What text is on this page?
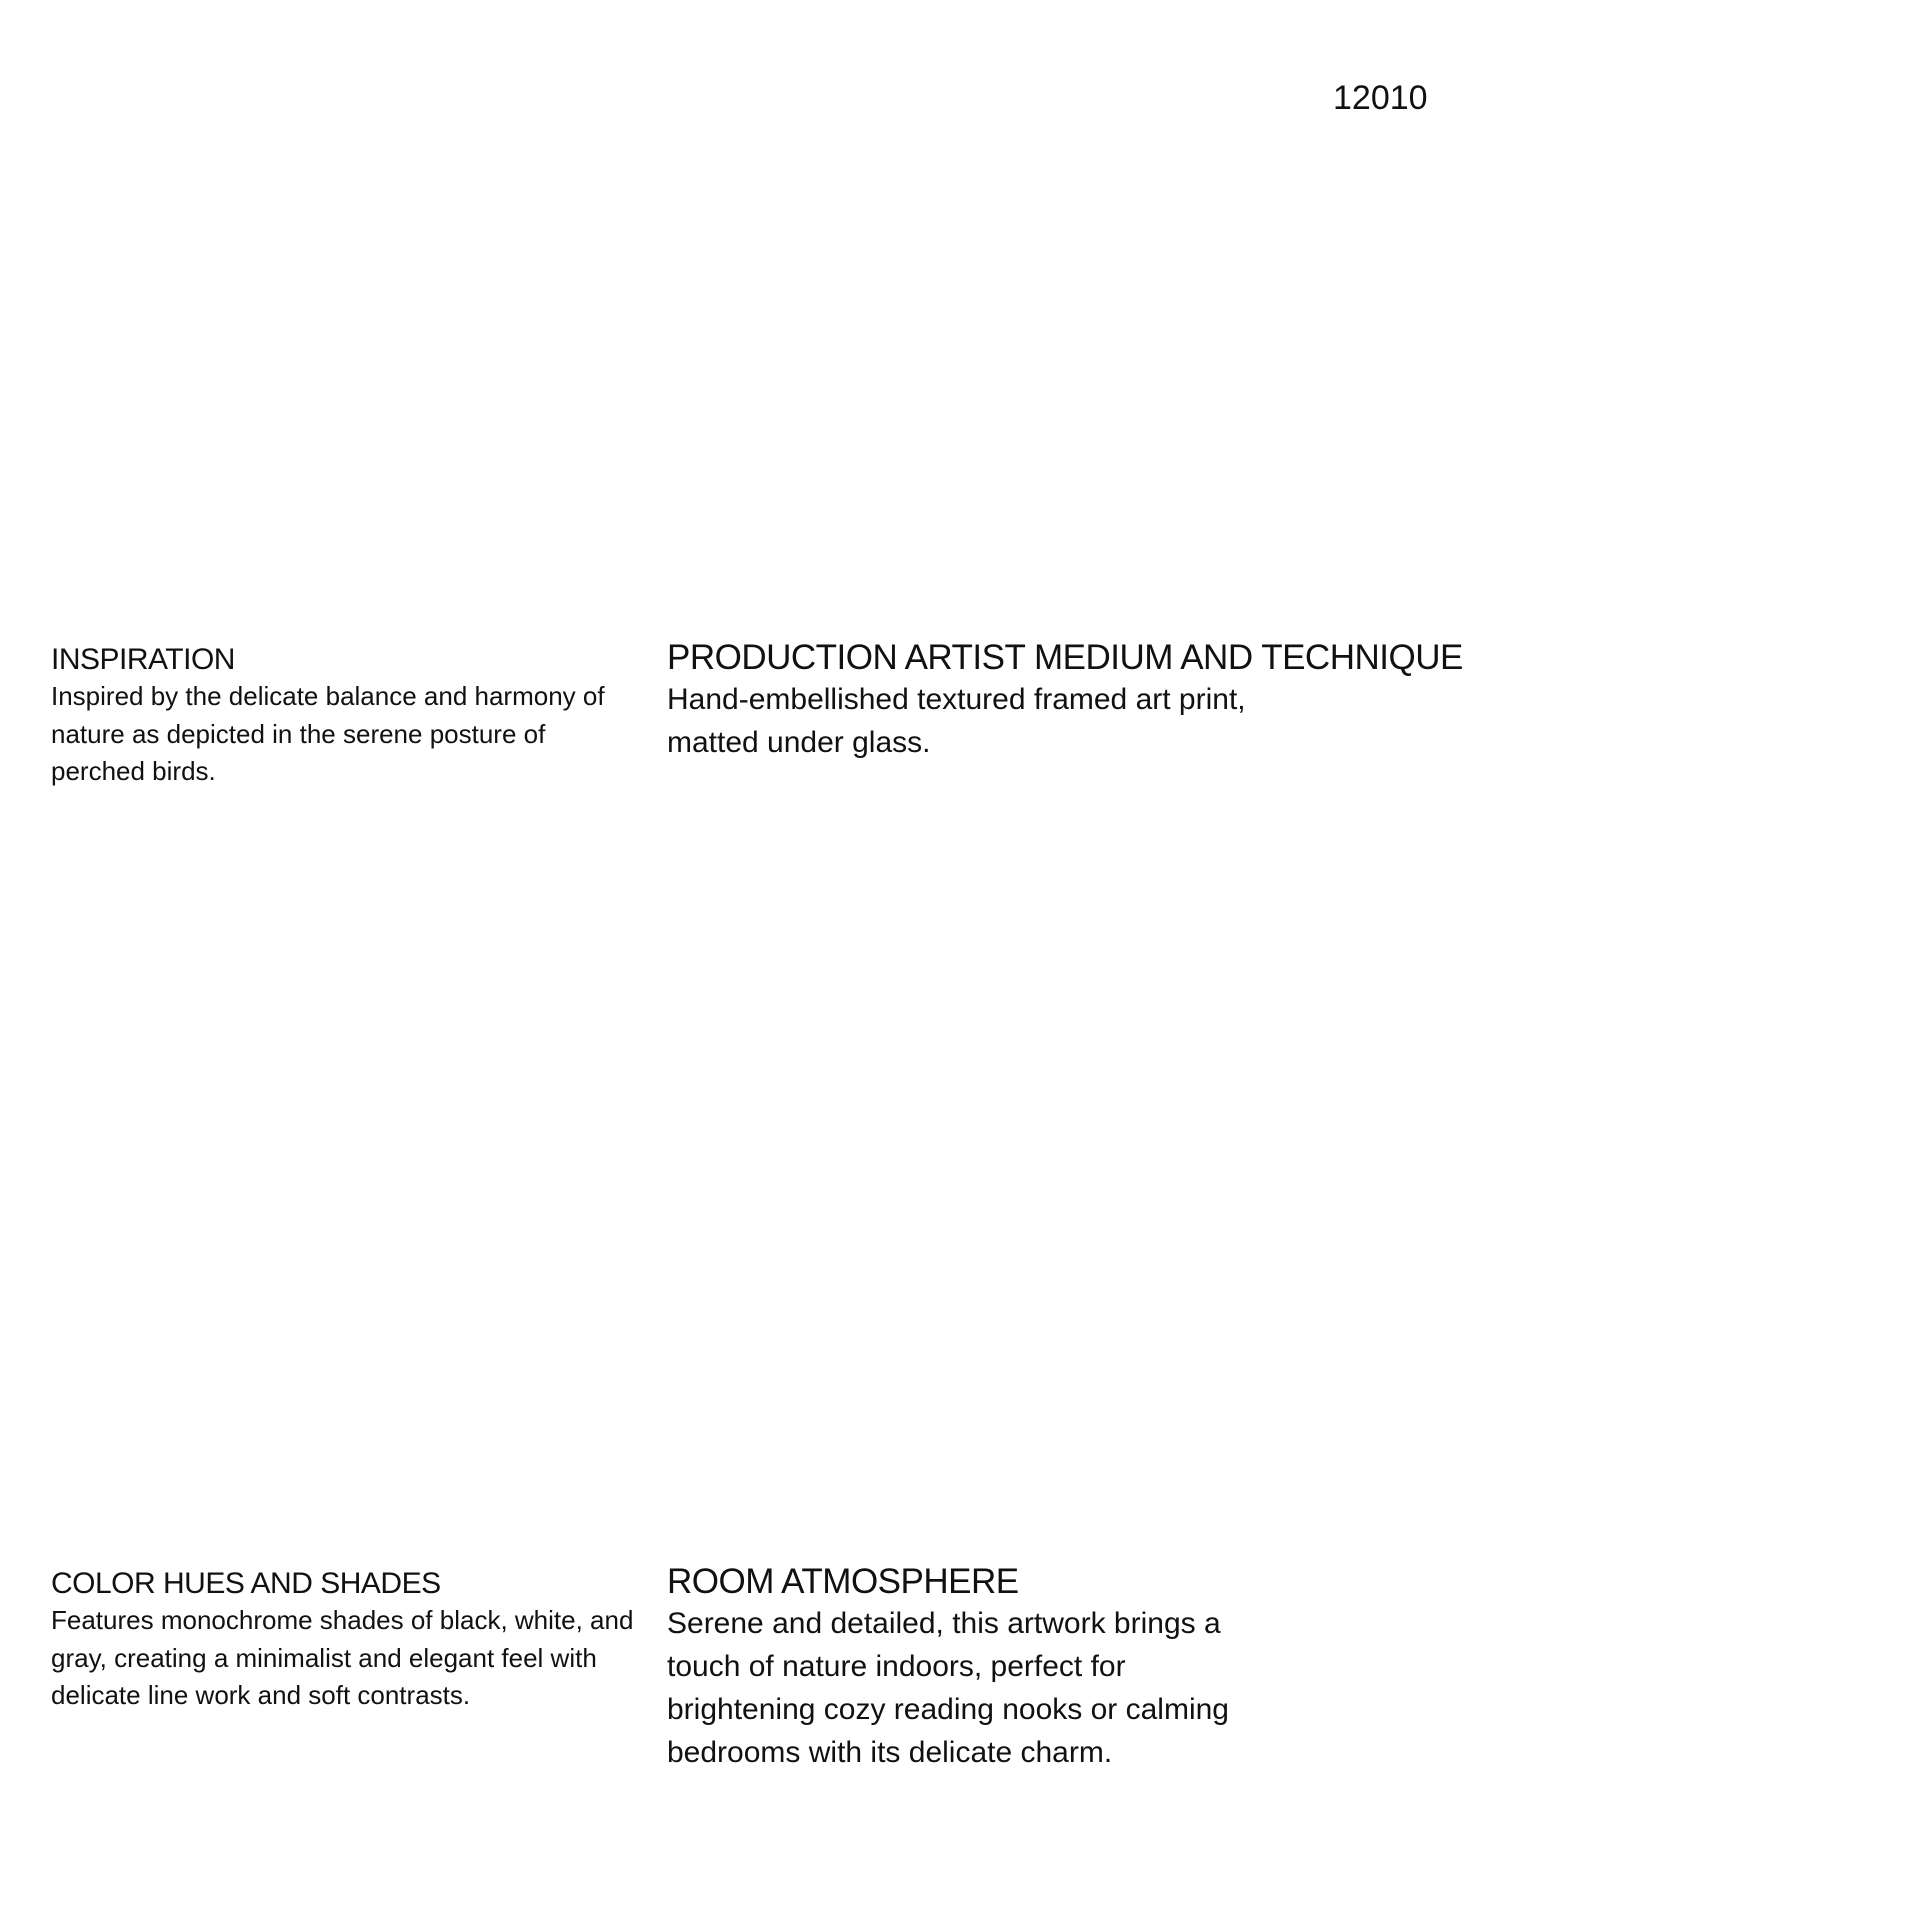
12010
INSPIRATION

Inspired by the delicate balance and harmony of nature as depicted in the serene posture of perched birds.

PRODUCTION ARTIST MEDIUM AND TECHNIQUE

Hand-embellished textured framed art print, matted under glass.

COLOR HUES AND SHADES

Features monochrome shades of black, white, and gray, creating a minimalist and elegant feel with delicate line work and soft contrasts.

ROOM ATMOSPHERE

Serene and detailed, this artwork brings a touch of nature indoors, perfect for brightening cozy reading nooks or calming bedrooms with its delicate charm.
